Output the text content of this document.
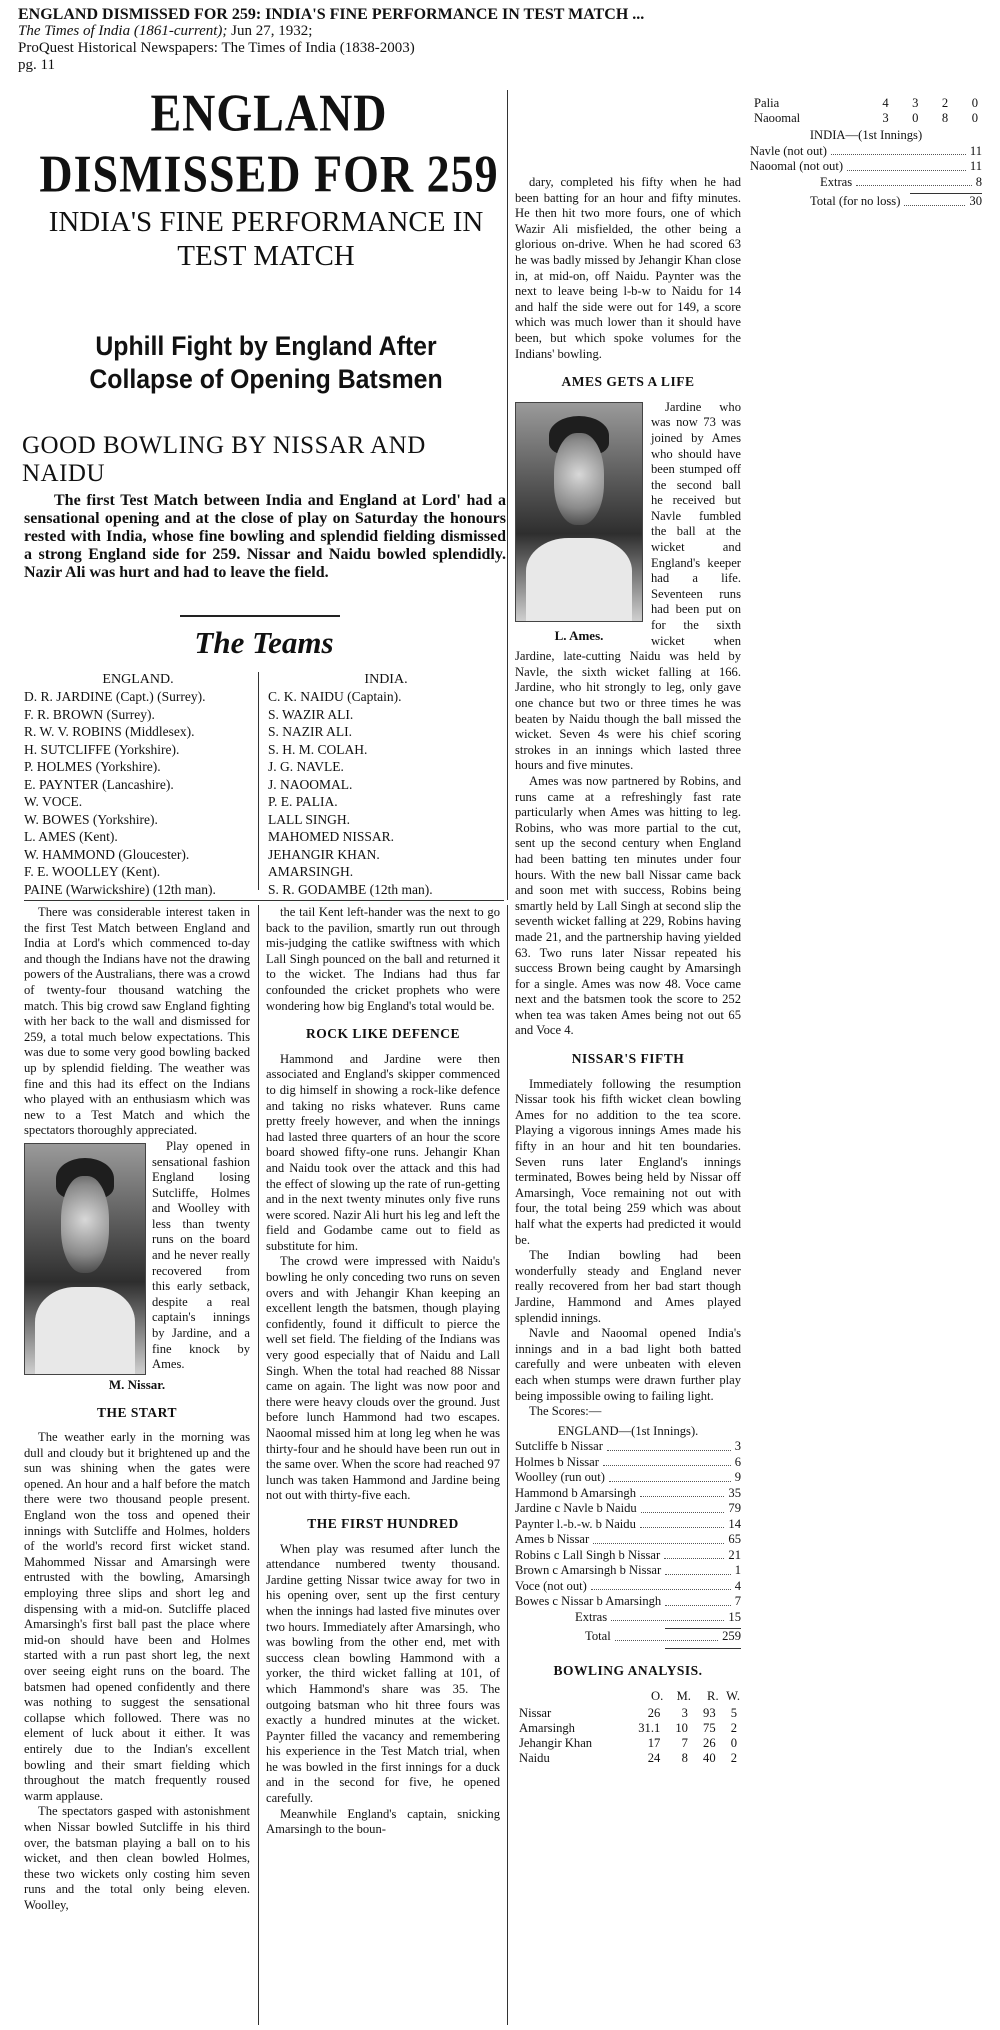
ENGLAND DISMISSED FOR 259: INDIA'S FINE PERFORMANCE IN TEST MATCH ...
The Times of India (1861-current); Jun 27, 1932;
ProQuest Historical Newspapers: The Times of India (1838-2003)
pg. 11
ENGLAND DISMISSED FOR 259
INDIA'S FINE PERFORMANCE IN TEST MATCH
Uphill Fight by England After Collapse of Opening Batsmen
GOOD BOWLING BY NISSAR AND NAIDU
The first Test Match between India and England at Lord' had a sensational opening and at the close of play on Saturday the honours rested with India, whose fine bowling and splendid fielding dismissed a strong England side for 259. Nissar and Naidu bowled splendidly. Nazir Ali was hurt and had to leave the field.
The Teams
ENGLAND.
D. R. JARDINE (Capt.) (Surrey).
F. R. BROWN (Surrey).
R. W. V. ROBINS (Middlesex).
H. SUTCLIFFE (Yorkshire).
P. HOLMES (Yorkshire).
E. PAYNTER (Lancashire).
W. VOCE.
W. BOWES (Yorkshire).
L. AMES (Kent).
W. HAMMOND (Gloucester).
F. E. WOOLLEY (Kent).
PAINE (Warwickshire) (12th man).
INDIA.
C. K. NAIDU (Captain).
S. WAZIR ALI.
S. NAZIR ALI.
S. H. M. COLAH.
J. G. NAVLE.
J. NAOOMAL.
P. E. PALIA.
LALL SINGH.
MAHOMED NISSAR.
JEHANGIR KHAN.
AMARSINGH.
S. R. GODAMBE (12th man).

There was considerable interest taken in the first Test Match between England and India at Lord's which commenced to-day and though the Indians have not the drawing powers of the Australians, there was a crowd of twenty-four thousand watching the match. This big crowd saw England fighting with her back to the wall and dismissed for 259, a total much below expectations. This was due to some very good bowling backed up by splendid fielding. The weather was fine and this had its effect on the Indians who played with an enthusiasm which was new to a Test Match and which the spectators thoroughly appreciated.

Play opened in sensational fashion England losing Sutcliffe, Holmes and Woolley with less than twenty runs on the board and he never really recovered from this early setback, despite a real captain's innings by Jardine, and a fine knock by Ames.

M. Nissar.
THE START

The weather early in the morning was dull and cloudy but it brightened up and the sun was shining when the gates were opened. An hour and a half before the match there were two thousand people present. England won the toss and opened their innings with Sutcliffe and Holmes, holders of the world's record first wicket stand. Mahommed Nissar and Amarsingh were entrusted with the bowling, Amarsingh employing three slips and short leg and dispensing with a mid-on. Sutcliffe placed Amarsingh's first ball past the place where mid-on should have been and Holmes started with a run past short leg, the next over seeing eight runs on the board. The batsmen had opened confidently and there was nothing to suggest the sensational collapse which followed. There was no element of luck about it either. It was entirely due to the Indian's excellent bowling and their smart fielding which throughout the match frequently roused warm applause.

The spectators gasped with astonishment when Nissar bowled Sutcliffe in his third over, the batsman playing a ball on to his wicket, and then clean bowled Holmes, these two wickets only costing him seven runs and the total only being eleven. Woolley,

the tail Kent left-hander was the next to go back to the pavilion, smartly run out through mis-judging the catlike swiftness with which Lall Singh pounced on the ball and returned it to the wicket. The Indians had thus far confounded the cricket prophets who were wondering how big England's total would be.

ROCK LIKE DEFENCE

Hammond and Jardine were then associated and England's skipper commenced to dig himself in showing a rock-like defence and taking no risks whatever. Runs came pretty freely however, and when the innings had lasted three quarters of an hour the score board showed fifty-one runs. Jehangir Khan and Naidu took over the attack and this had the effect of slowing up the rate of run-getting and in the next twenty minutes only five runs were scored. Nazir Ali hurt his leg and left the field and Godambe came out to field as substitute for him.

The crowd were impressed with Naidu's bowling he only conceding two runs on seven overs and with Jehangir Khan keeping an excellent length the batsmen, though playing confidently, found it difficult to pierce the well set field. The fielding of the Indians was very good especially that of Naidu and Lall Singh. When the total had reached 88 Nissar came on again. The light was now poor and there were heavy clouds over the ground. Just before lunch Hammond had two escapes. Naoomal missed him at long leg when he was thirty-four and he should have been run out in the same over. When the score had reached 97 lunch was taken Hammond and Jardine being not out with thirty-five each.

THE FIRST HUNDRED

When play was resumed after lunch the attendance numbered twenty thousand. Jardine getting Nissar twice away for two in his opening over, sent up the first century when the innings had lasted five minutes over two hours. Immediately after Amarsingh, who was bowling from the other end, met with success clean bowling Hammond with a yorker, the third wicket falling at 101, of which Hammond's share was 35. The outgoing batsman who hit three fours was exactly a hundred minutes at the wicket. Paynter filled the vacancy and remembering his experience in the Test Match trial, when he was bowled in the first innings for a duck and in the second for five, he opened carefully.

Meanwhile England's captain, snicking Amarsingh to the boun-

dary, completed his fifty when he had been batting for an hour and fifty minutes. He then hit two more fours, one of which Wazir Ali misfielded, the other being a glorious on-drive. When he had scored 63 he was badly missed by Jehangir Khan close in, at mid-on, off Naidu. Paynter was the next to leave being l-b-w to Naidu for 14 and half the side were out for 149, a score which was much lower than it should have been, but which spoke volumes for the Indians' bowling.

AMES GETS A LIFE
L. Ames.

Jardine who was now 73 was joined by Ames who should have been stumped off the second ball he received but Navle fumbled the ball at the wicket and England's keeper had a life. Seventeen runs had been put on for the sixth wicket when Jardine, late-cutting Naidu was held by Navle, the sixth wicket falling at 166. Jardine, who hit strongly to leg, only gave one chance but two or three times he was beaten by Naidu though the ball missed the wicket. Seven 4s were his chief scoring strokes in an innings which lasted three hours and five minutes.

Ames was now partnered by Robins, and runs came at a refreshingly fast rate particularly when Ames was hitting to leg. Robins, who was more partial to the cut, sent up the second century when England had been batting ten minutes under four hours. With the new ball Nissar came back and soon met with success, Robins being smartly held by Lall Singh at second slip the seventh wicket falling at 229, Robins having made 21, and the partnership having yielded 63. Two runs later Nissar repeated his success Brown being caught by Amarsingh for a single. Ames was now 48. Voce came next and the batsmen took the score to 252 when tea was taken Ames being not out 65 and Voce 4.

NISSAR'S FIFTH

Immediately following the resumption Nissar took his fifth wicket clean bowling Ames for no addition to the tea score. Playing a vigorous innings Ames made his fifty in an hour and hit ten boundaries. Seven runs later England's innings terminated, Bowes being held by Nissar off Amarsingh, Voce remaining not out with four, the total being 259 which was about half what the experts had predicted it would be.

The Indian bowling had been wonderfully steady and England never really recovered from her bad start though Jardine, Hammond and Ames played splendid innings.

Navle and Naoomal opened India's innings and in a bad light both batted carefully and were unbeaten with eleven each when stumps were drawn further play being impossible owing to failing light.

The Scores:—

ENGLAND—(1st Innings).
Sutcliffe b Nissar	3
Holmes b Nissar	6
Woolley (run out)	9
Hammond b Amarsingh	35
Jardine c Navle b Naidu	79
Paynter l.-b.-w. b Naidu	14
Ames b Nissar	65
Robins c Lall Singh b Nissar	21
Brown c Amarsingh b Nissar	1
Voce (not out)	4
Bowes c Nissar b Amarsingh	7
Extras	15
Total	259
BOWLING ANALYSIS.
	O.	M.	R.	W.
Nissar	26	3	93	5
Amarsingh	31.1	10	75	2
Jehangir Khan	17	7	26	0
Naidu	24	8	40	2
Palia	4	3	2	0
Naoomal	3	0	8	0
INDIA—(1st Innings)
Navle (not out)	11
Naoomal (not out)	11
Extras	8
Total (for no loss)	30
